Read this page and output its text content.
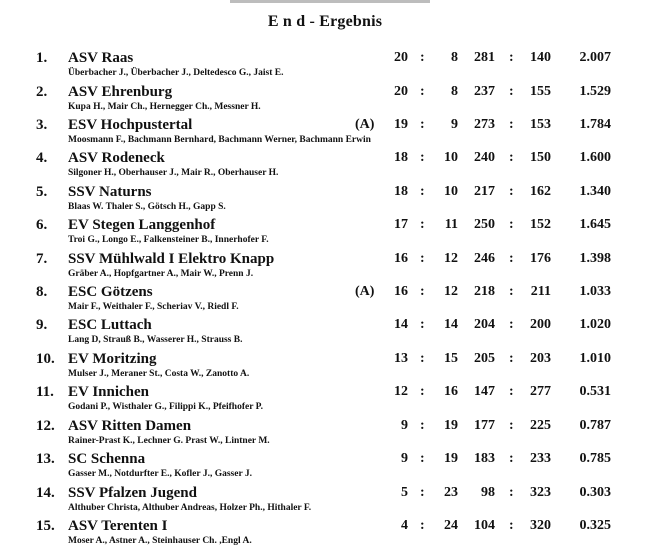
E n d - Ergebnis
1. ASV Raas
Überbacher J., Überbacher J., Deltedesco G., Jaist E.
20 : 8 281 : 140 2.007
2. ASV Ehrenburg
Kupa H., Mair Ch., Hernegger Ch., Messner H.
20 : 8 237 : 155 1.529
3. ESV Hochpustertal
Moosmann F., Bachmann Bernhard, Bachmann Werner, Bachmann Erwin
(A) 19 : 9 273 : 153 1.784
4. ASV Rodeneck
Silgoner H., Oberhauser J., Mair R., Oberhauser H.
18 : 10 240 : 150 1.600
5. SSV Naturns
Blaas W. Thaler S., Götsch H., Gapp S.
18 : 10 217 : 162 1.340
6. EV Stegen Langgenhof
Troi G., Longo E., Falkensteiner B., Innerhofer F.
17 : 11 250 : 152 1.645
7. SSV Mühlwald I Elektro Knapp
Gräber A., Hopfgartner A., Mair W., Prenn J.
16 : 12 246 : 176 1.398
8. ESC Götzens
Mair F., Weithaler F., Scheriav V., Riedl F.
(A) 16 : 12 218 : 211 1.033
9. ESC Luttach
Lang D, Strauß B., Wasserer H., Strauss B.
14 : 14 204 : 200 1.020
10. EV Moritzing
Mulser J., Meraner St., Costa W., Zanotto A.
13 : 15 205 : 203 1.010
11. EV Innichen
Godani P., Wisthaler G., Filippi K., Pfeifhofer P.
12 : 16 147 : 277 0.531
12. ASV Ritten Damen
Rainer-Prast K., Lechner G. Prast W., Lintner M.
9 : 19 177 : 225 0.787
13. SC Schenna
Gasser M., Notdurfter E., Kofler J., Gasser J.
9 : 19 183 : 233 0.785
14. SSV Pfalzen Jugend
Althuber Christa, Althuber Andreas, Holzer Ph., Hithaler F.
5 : 23 98 : 323 0.303
15. ASV Terenten I
Moser A., Astner A., Steinhauser Ch. ,Engl A.
4 : 24 104 : 320 0.325
